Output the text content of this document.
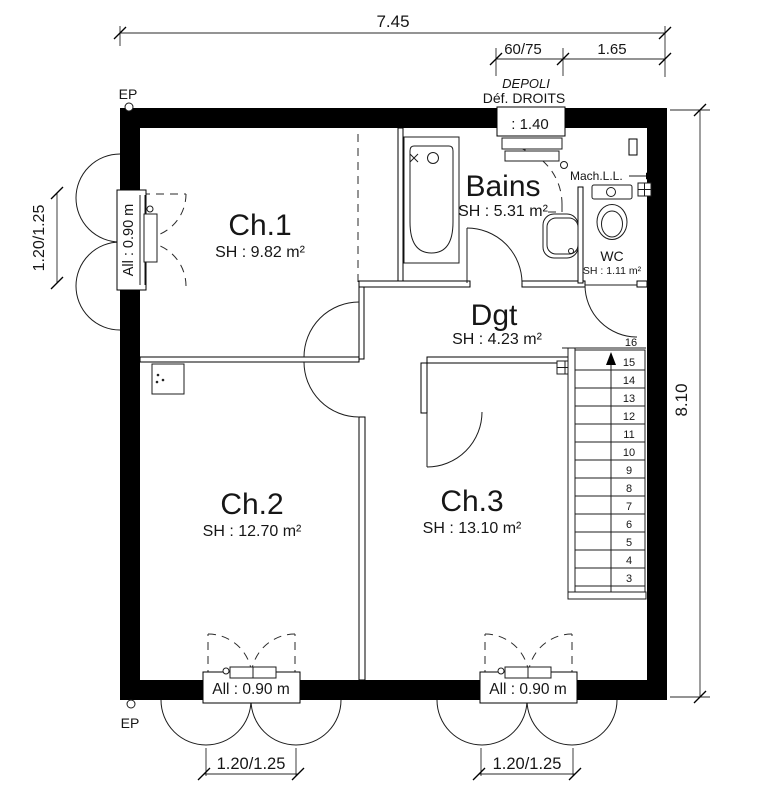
16
15
14
13
12
11
10
9
8
7
6
5
4
3
EP
EP
Ch.1
SH : 9.82 m²
Bains
SH : 5.31 m²
WC
SH : 1.11 m²
Dgt
SH : 4.23 m²
Ch.2
SH : 12.70 m²
Ch.3
SH : 13.10 m²
7.45
60/75	1.65
8.10
1.20/1.25
1.20/1.25	1.20/1.25
DEPOLI
Déf. DROITS
: 1.40
All : 0.90 m
All : 0.90 m	All : 0.90 m
Mach.L.L.
